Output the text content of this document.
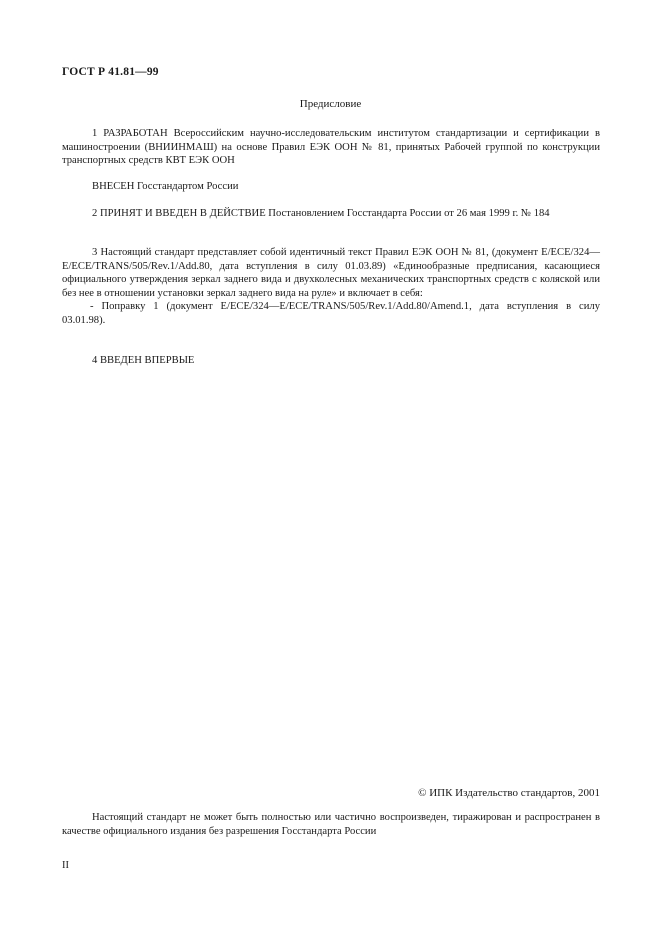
ГОСТ Р 41.81—99
Предисловие

1 РАЗРАБОТАН Всероссийским научно-исследовательским институтом стандартизации и сертификации в машиностроении (ВНИИНМАШ) на основе Правил ЕЭК ООН № 81, принятых Рабочей группой по конструкции транспортных средств КВТ ЕЭК ООН

ВНЕСЕН Госстандартом России

2 ПРИНЯТ И ВВЕДЕН В ДЕЙСТВИЕ Постановлением Госстандарта России от 26 мая 1999 г. № 184

3 Настоящий стандарт представляет собой идентичный текст Правил ЕЭК ООН № 81, (документ E/ECE/324—E/ECE/TRANS/505/Rev.1/Add.80, дата вступления в силу 01.03.89) «Единообразные предписания, касающиеся официального утверждения зеркал заднего вида и двухколесных механических транспортных средств с коляской или без нее в отношении установки зеркал заднего вида на руле» и включает в себя:

- Поправку 1 (документ E/ECE/324—E/ECE/TRANS/505/Rev.1/Add.80/Amend.1, дата вступления в силу 03.01.98).

4 ВВЕДЕН ВПЕРВЫЕ

© ИПК Издательство стандартов, 2001

Настоящий стандарт не может быть полностью или частично воспроизведен, тиражирован и распространен в качестве официального издания без разрешения Госстандарта России

II
